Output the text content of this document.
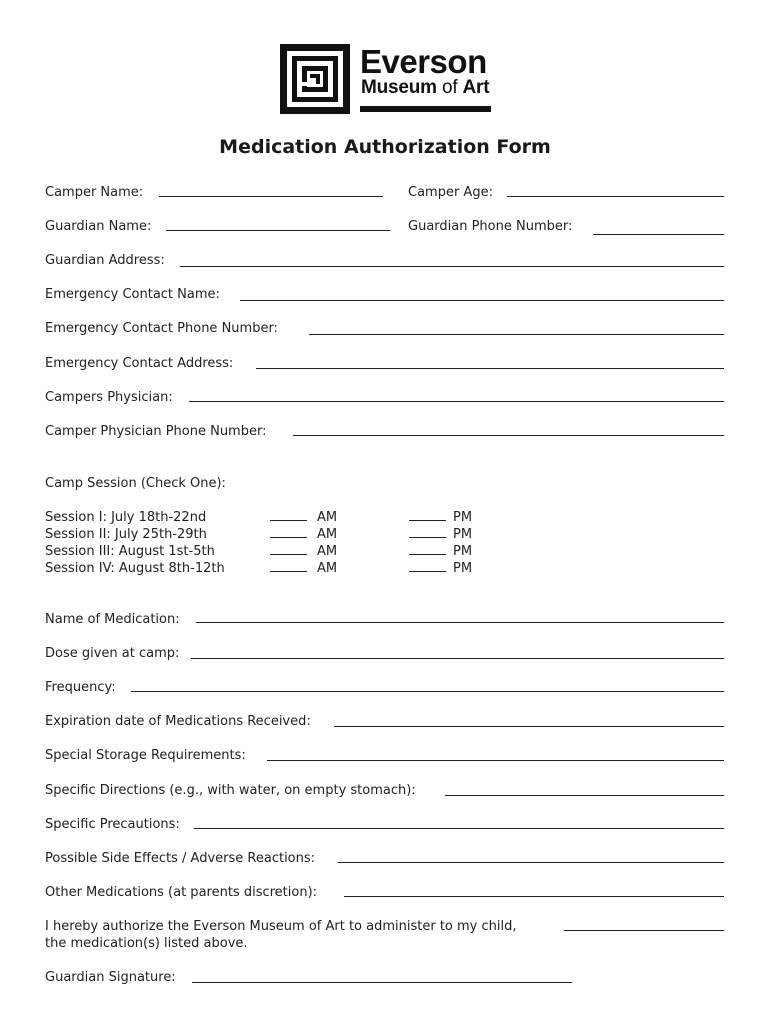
Everson
Museum of Art
Medication Authorization Form
Camper Name:	Camper Age:
Guardian Name:	Guardian Phone Number:
Guardian Address:
Emergency Contact Name:
Emergency Contact Phone Number:
Emergency Contact Address:
Campers Physician:
Camper Physician Phone Number:
Camp Session (Check One):
Session I: July 18th-22nd	AM	PM
Session II: July 25th-29th	AM	PM
Session III: August 1st-5th	AM	PM
Session IV: August 8th-12th	AM	PM
Name of Medication:
Dose given at camp:
Frequency:
Expiration date of Medications Received:
Special Storage Requirements:
Specific Directions (e.g., with water, on empty stomach):
Specific Precautions:
Possible Side Effects / Adverse Reactions:
Other Medications (at parents discretion):
I hereby authorize the Everson Museum of Art to administer to my child,
the medication(s) listed above.
Guardian Signature:
